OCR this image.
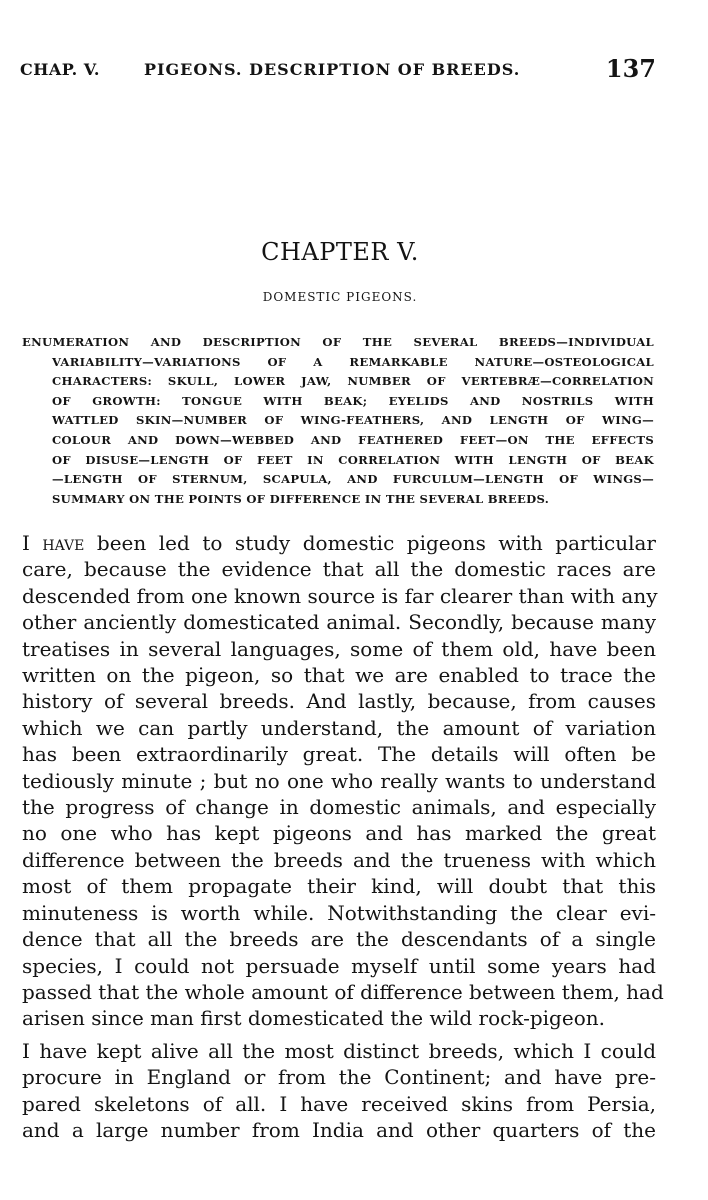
CHAP. V.	PIGEONS. DESCRIPTION OF BREEDS.	137
CHAPTER V.
DOMESTIC PIGEONS.
ENUMERATION AND DESCRIPTION OF THE SEVERAL BREEDS—INDIVIDUAL
VARIABILITY—VARIATIONS OF A REMARKABLE NATURE—OSTEOLOGICAL
CHARACTERS: SKULL, LOWER JAW, NUMBER OF VERTEBRÆ—CORRELATION
OF GROWTH: TONGUE WITH BEAK; EYELIDS AND NOSTRILS WITH
WATTLED SKIN—NUMBER OF WING-FEATHERS, AND LENGTH OF WING—
COLOUR AND DOWN—WEBBED AND FEATHERED FEET—ON THE EFFECTS
OF DISUSE—LENGTH OF FEET IN CORRELATION WITH LENGTH OF BEAK
—LENGTH OF STERNUM, SCAPULA, AND FURCULUM—LENGTH OF WINGS—
SUMMARY ON THE POINTS OF DIFFERENCE IN THE SEVERAL BREEDS.
I have been led to study domestic pigeons with particular
care, because the evidence that all the domestic races are
descended from one known source is far clearer than with any
other anciently domesticated animal. Secondly, because many
treatises in several languages, some of them old, have been
written on the pigeon, so that we are enabled to trace the
history of several breeds. And lastly, because, from causes
which we can partly understand, the amount of variation
has been extraordinarily great. The details will often be
tediously minute ; but no one who really wants to understand
the progress of change in domestic animals, and especially
no one who has kept pigeons and has marked the great
difference between the breeds and the trueness with which
most of them propagate their kind, will doubt that this
minuteness is worth while. Notwithstanding the clear evi-
dence that all the breeds are the descendants of a single
species, I could not persuade myself until some years had
passed that the whole amount of difference between them, had
arisen since man first domesticated the wild rock-pigeon.
I have kept alive all the most distinct breeds, which I could
procure in England or from the Continent; and have pre-
pared skeletons of all. I have received skins from Persia,
and a large number from India and other quarters of the
